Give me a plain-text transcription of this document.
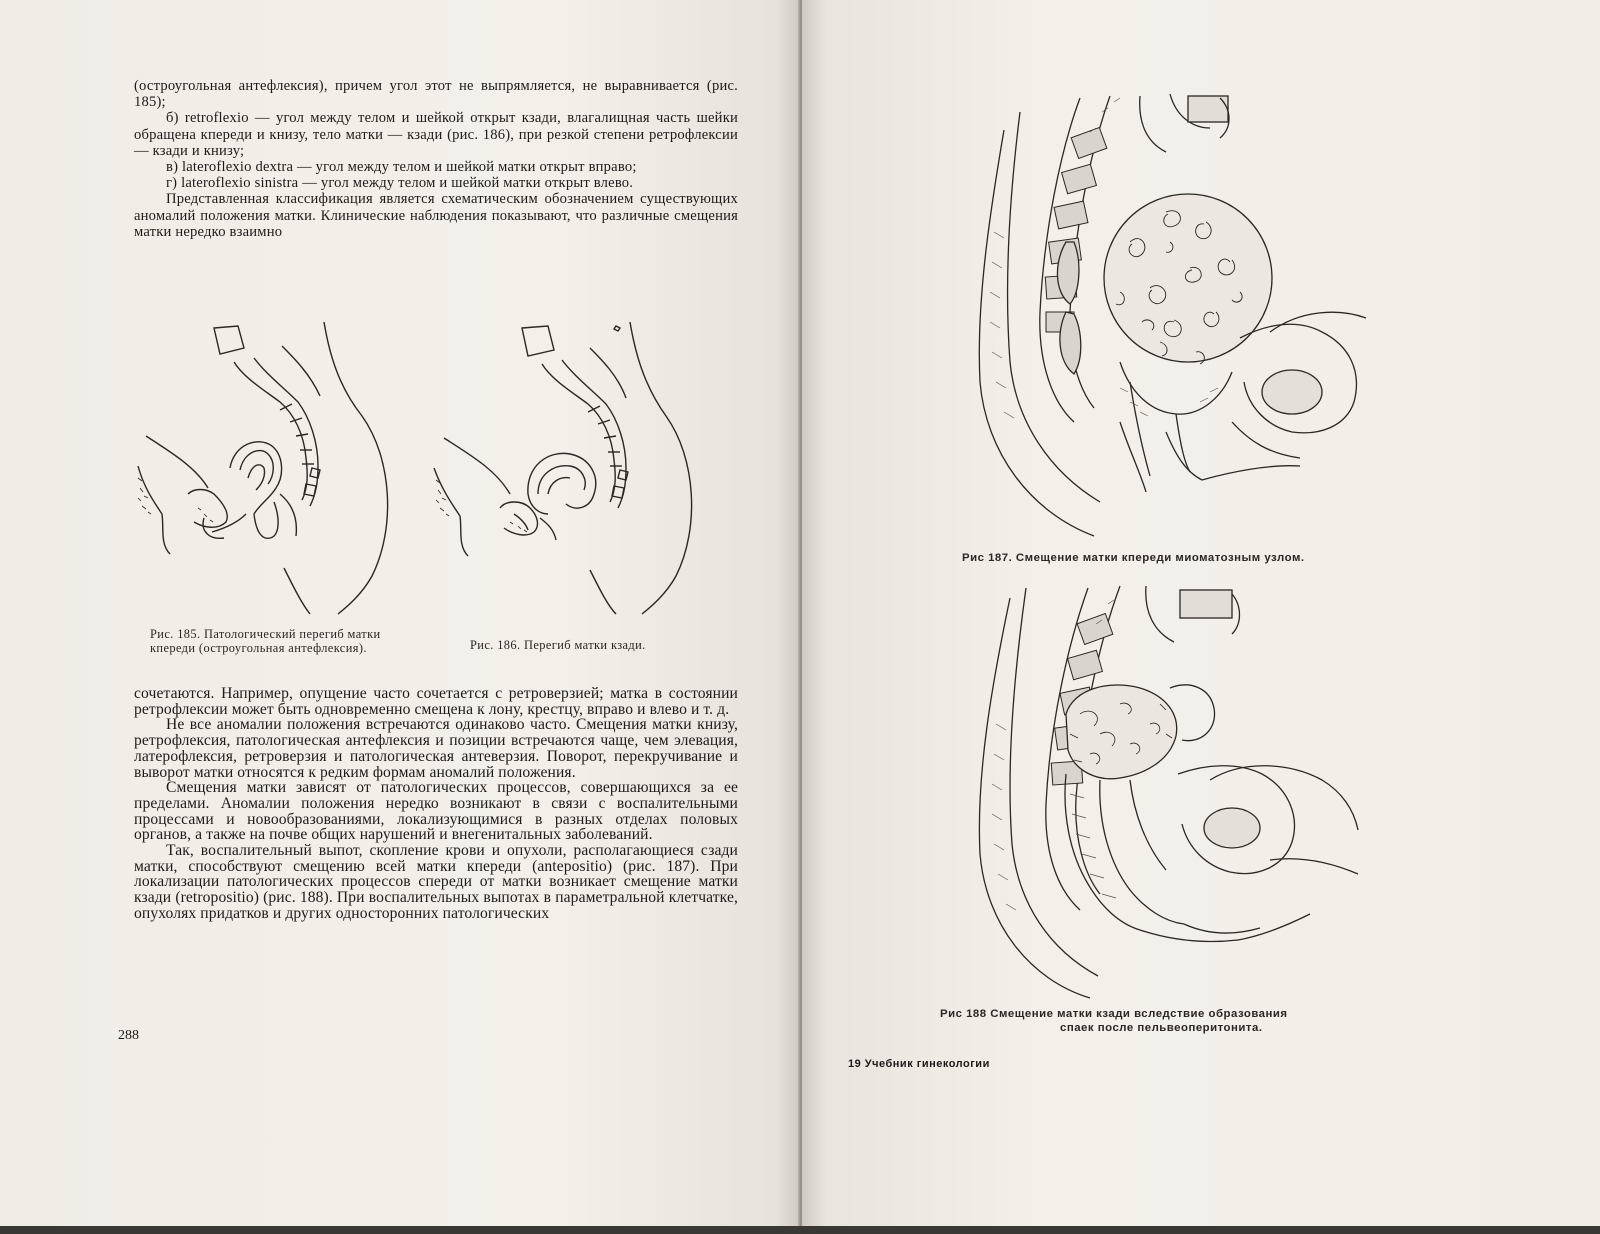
(остроугольная антефлексия), причем угол этот не выпрямляется, не выравнивается (рис. 185);

б) retroflexio — угол между телом и шейкой открыт кзади, влагалищная часть шейки обращена кпереди и книзу, тело матки — кзади (рис. 186), при резкой степени ретрофлексии — кзади и книзу;

в) lateroflexio dextra — угол между телом и шейкой матки открыт вправо;

г) lateroflexio sinistra — угол между телом и шейкой матки открыт влево.

Представленная классификация является схематическим обозначением существующих аномалий положения матки. Клинические наблюдения показывают, что различные смещения матки нередко взаимно

Рис. 185. Патологический перегиб матки кпереди (остроугольная антефлексия).	Рис. 186. Перегиб матки кзади.

сочетаются. Например, опущение часто сочетается с ретроверзией; матка в состоянии ретрофлексии может быть одновременно смещена к лону, крестцу, вправо и влево и т. д.

Не все аномалии положения встречаются одинаково часто. Смещения матки книзу, ретрофлексия, патологическая антефлексия и позиции встречаются чаще, чем элевация, латерофлексия, ретроверзия и патологическая антеверзия. Поворот, перекручивание и выворот матки относятся к редким формам аномалий положения.

Смещения матки зависят от патологических процессов, совершающихся за ее пределами. Аномалии положения нередко возникают в связи с воспалительными процессами и новообразованиями, локализующимися в разных отделах половых органов, а также на почве общих нарушений и внегенитальных заболеваний.

Так, воспалительный выпот, скопление крови и опухоли, располагающиеся сзади матки, способствуют смещению всей матки кпереди (antepositio) (рис. 187). При локализации патологических процессов спереди от матки возникает смещение матки кзади (retropositio) (рис. 188). При воспалительных выпотах в параметральной клетчатке, опухолях придатков и других односторонних патологических

288
Рис 187. Смещение матки кпереди миоматозным узлом.
Рис 188 Смещение матки кзади вследствие образования
спаек после пельвеоперитонита.
19 Учебник гинекологии
